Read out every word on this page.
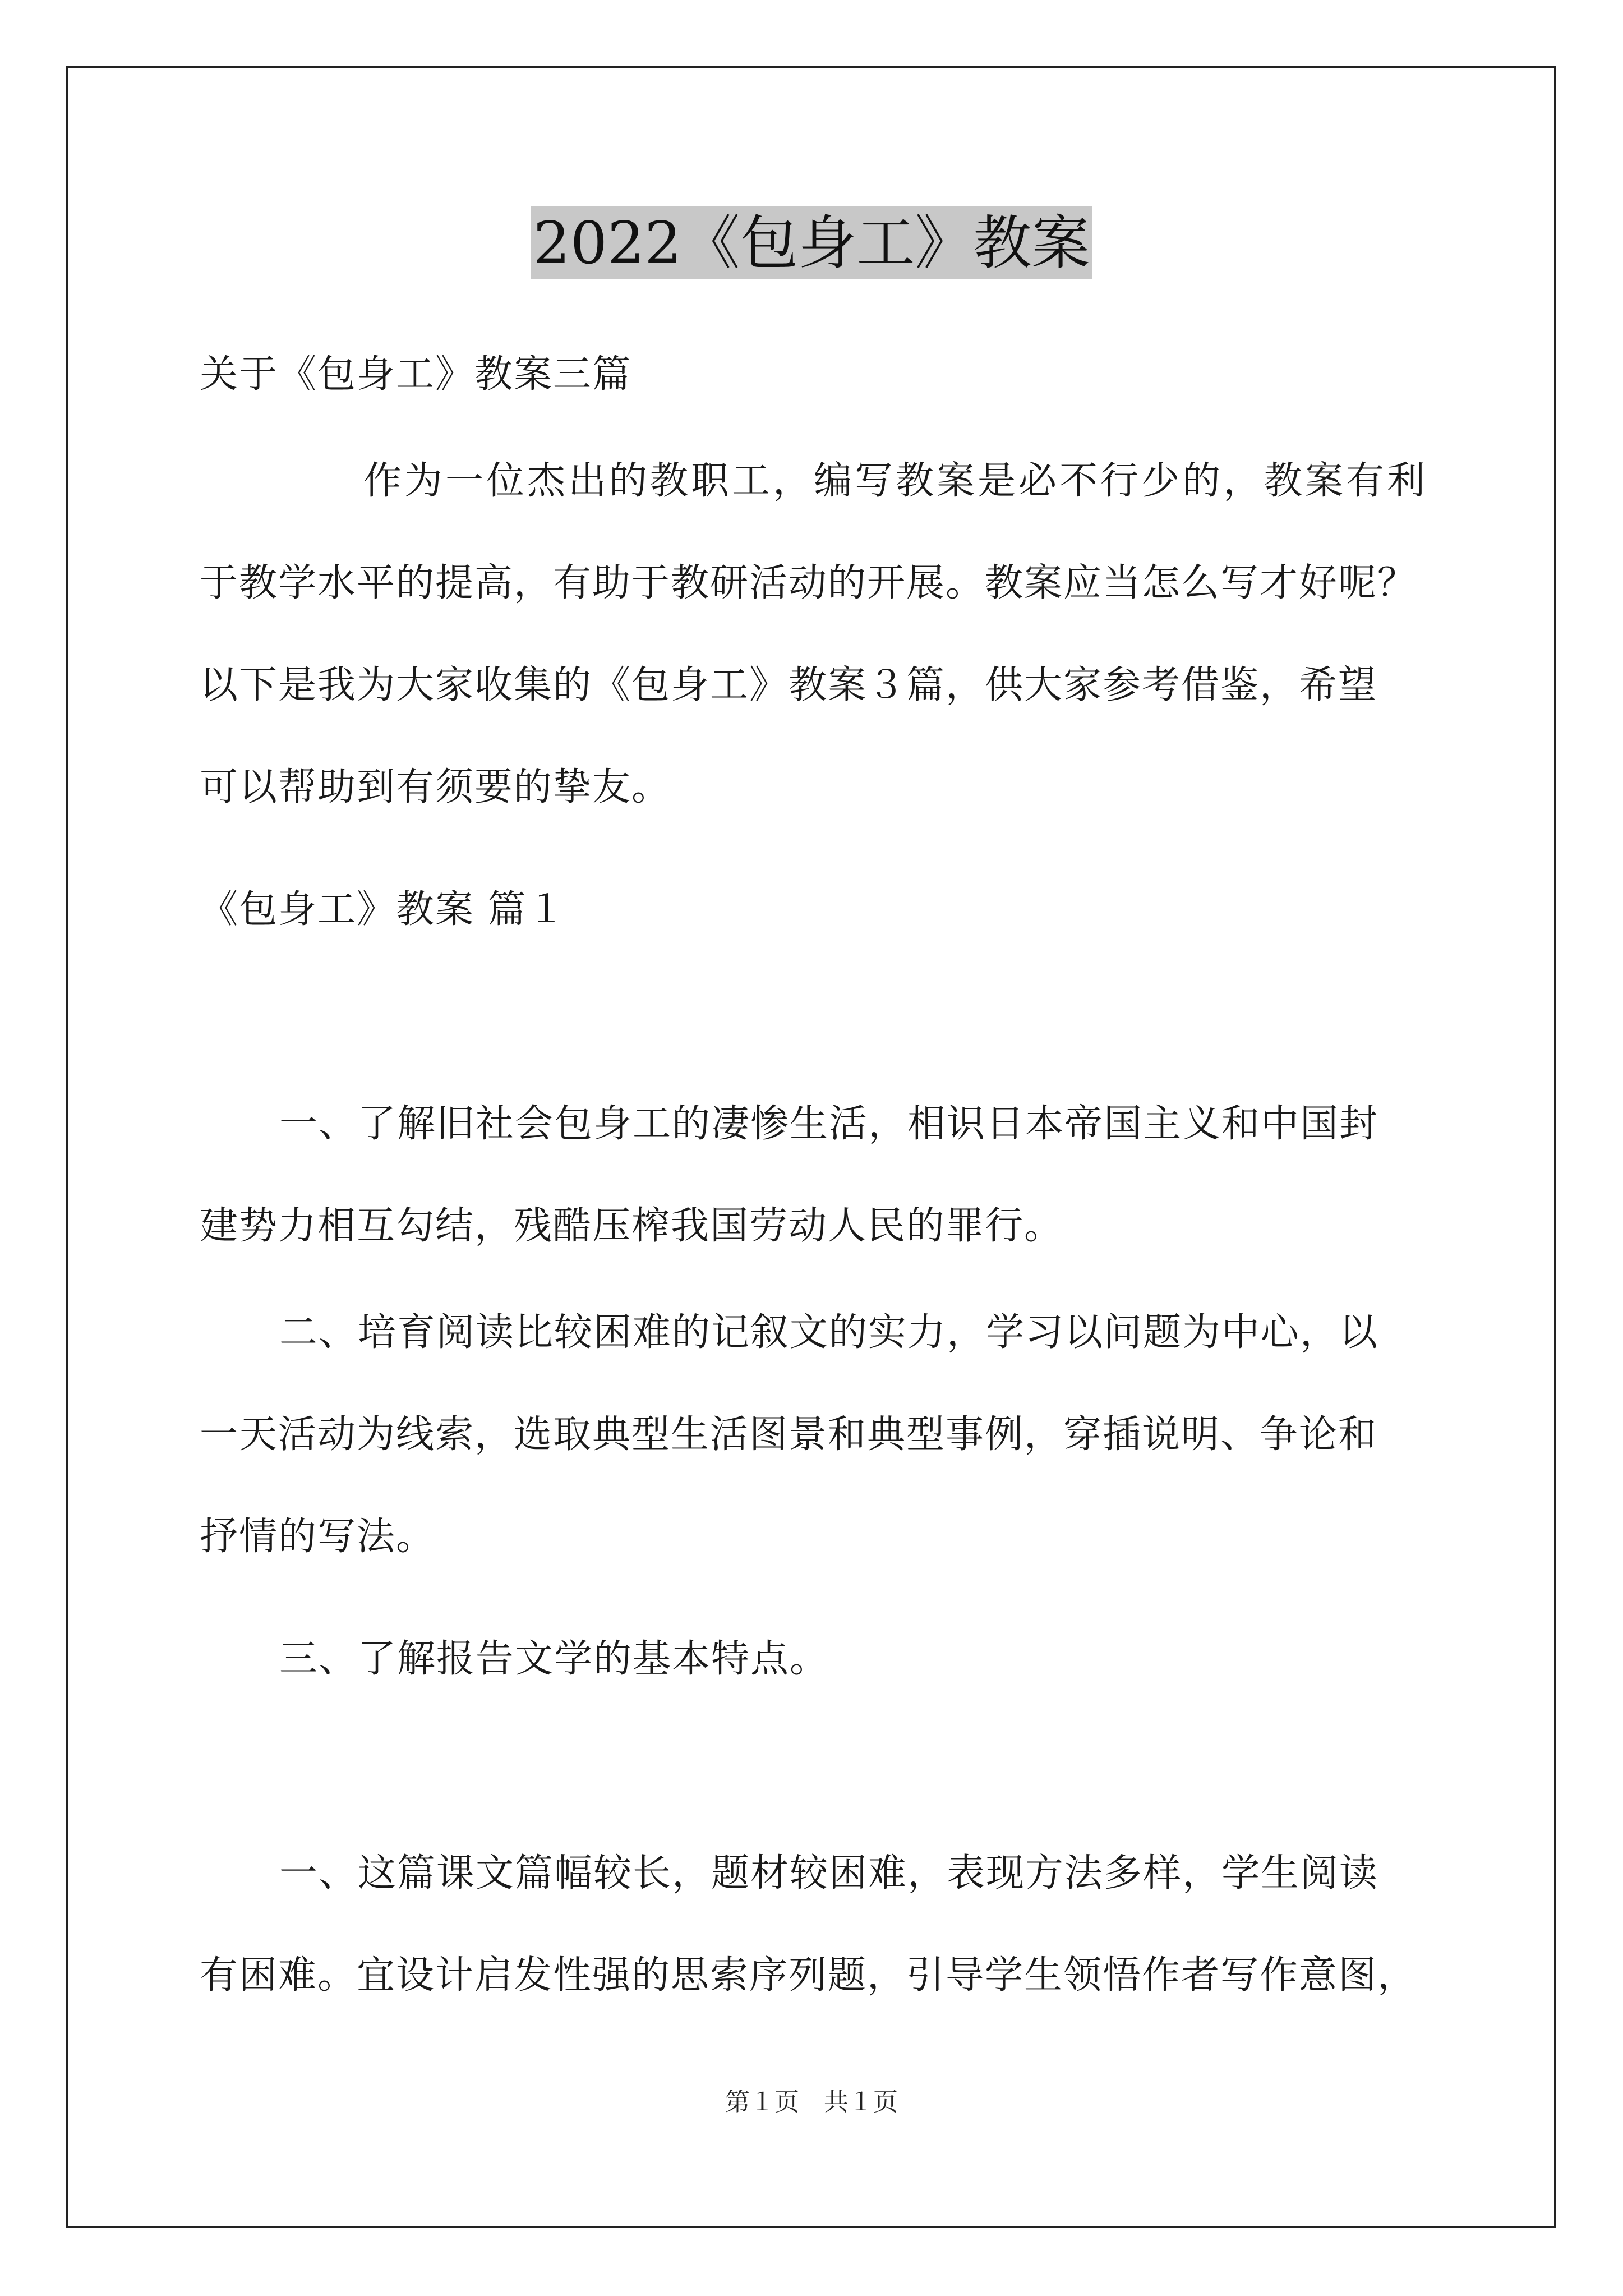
2022《包身工》教案
关于《包身工》教案三篇
作为一位杰出的教职工，编写教案是必不行少的，教案有利
于教学水平的提高，有助于教研活动的开展。教案应当怎么写才好呢？
以下是我为大家收集的《包身工》教案３篇，供大家参考借鉴，希望
可以帮助到有须要的挚友。
《包身工》教案 篇１
一、了解旧社会包身工的凄惨生活，相识日本帝国主义和中国封
建势力相互勾结，残酷压榨我国劳动人民的罪行。
二、培育阅读比较困难的记叙文的实力，学习以问题为中心，以
一天活动为线索，选取典型生活图景和典型事例，穿插说明、争论和
抒情的写法。
三、了解报告文学的基本特点。
一、这篇课文篇幅较长，题材较困难，表现方法多样，学生阅读
有困难。宜设计启发性强的思索序列题，引导学生领悟作者写作意图，
第１页　共１页
